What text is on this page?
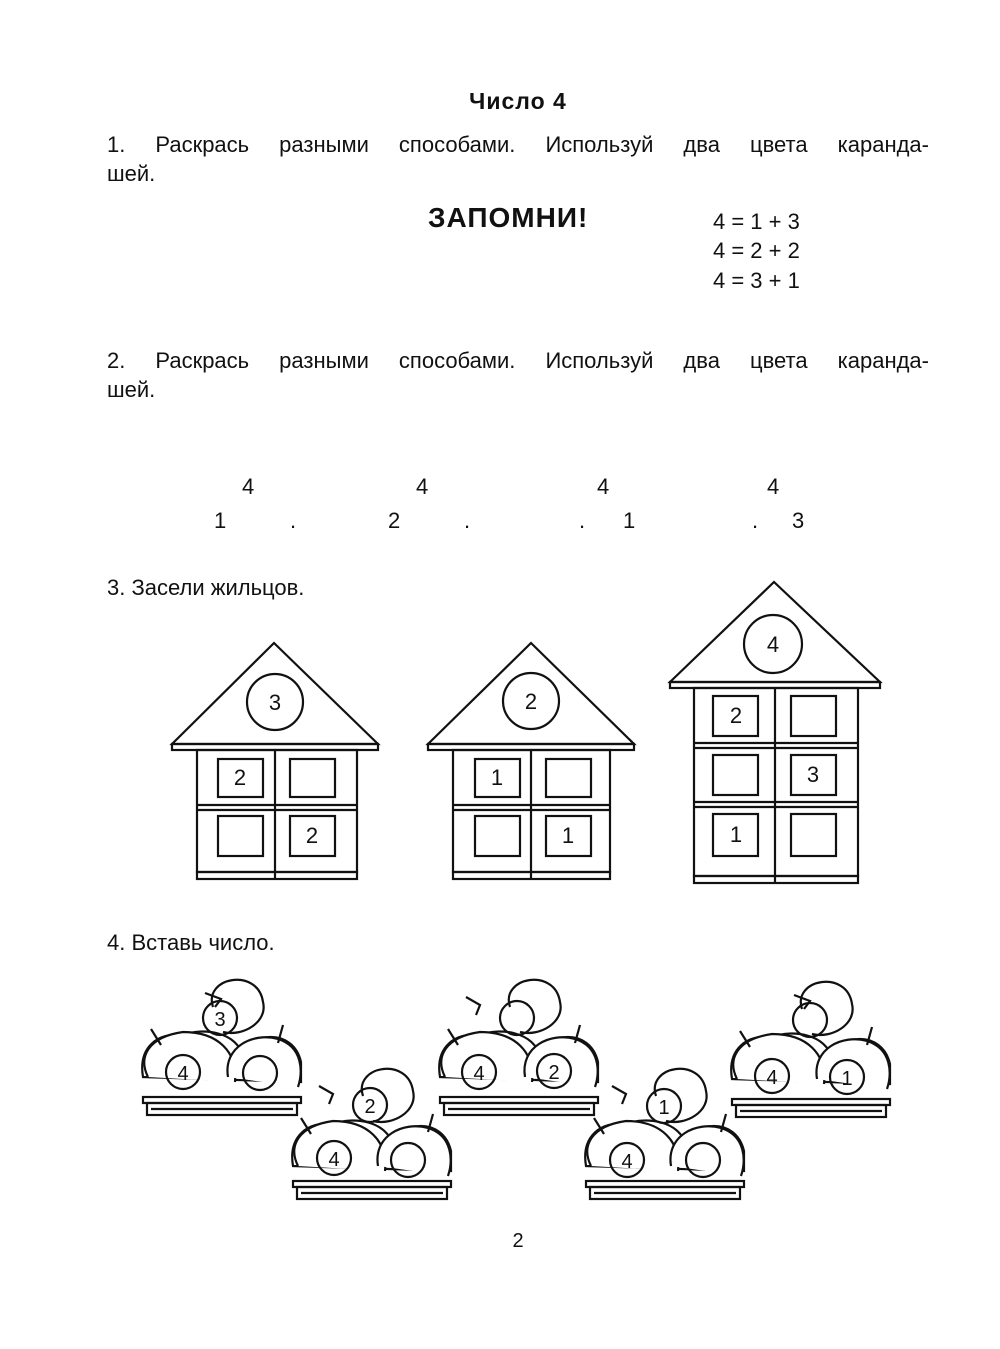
Число 4
1. Раскрась разными способами. Используй два цвета каранда-
шей.
ЗАПОМНИ!	4 = 1 + 3
4 = 2 + 2
4 = 3 + 1
2. Раскрась разными способами. Используй два цвета каранда-
шей.
4
1	.
4
2	.
4
. 1
4
. 3
3. Засели жильцов.
4. Вставь число.
3
2
2
2
1
1
4
2
3
1
3
4
2
4
4	2
1
4
4	1
2
